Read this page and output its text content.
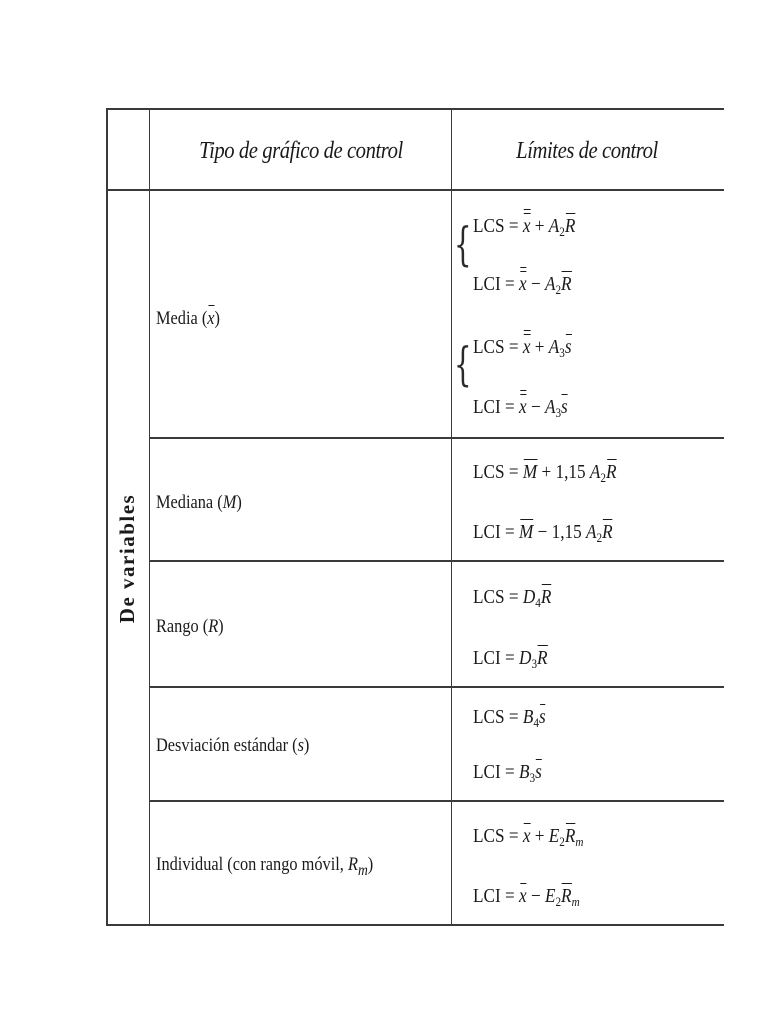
Tipo de gráfico de control	Límites de control
De variables
Media (x)
{ LCS = $x + A_2R$
LCI = $x - A_2R$
{ LCS = $x + A_3s$
LCI = $x - A_3s$
Mediana (M)
LCS = M + 1,15 $A_2R$
LCI = M − 1,15 $A_2R$
Rango (R)
LCS = $D_4R$
LCI = $D_3R$
Desviación estándar (s)
LCS = $B_4s$
LCI = $B_3s$
Individual (con rango móvil, $R_m$)
LCS = $x + E_2R_m$
LCI = $x - E_2R_m$
